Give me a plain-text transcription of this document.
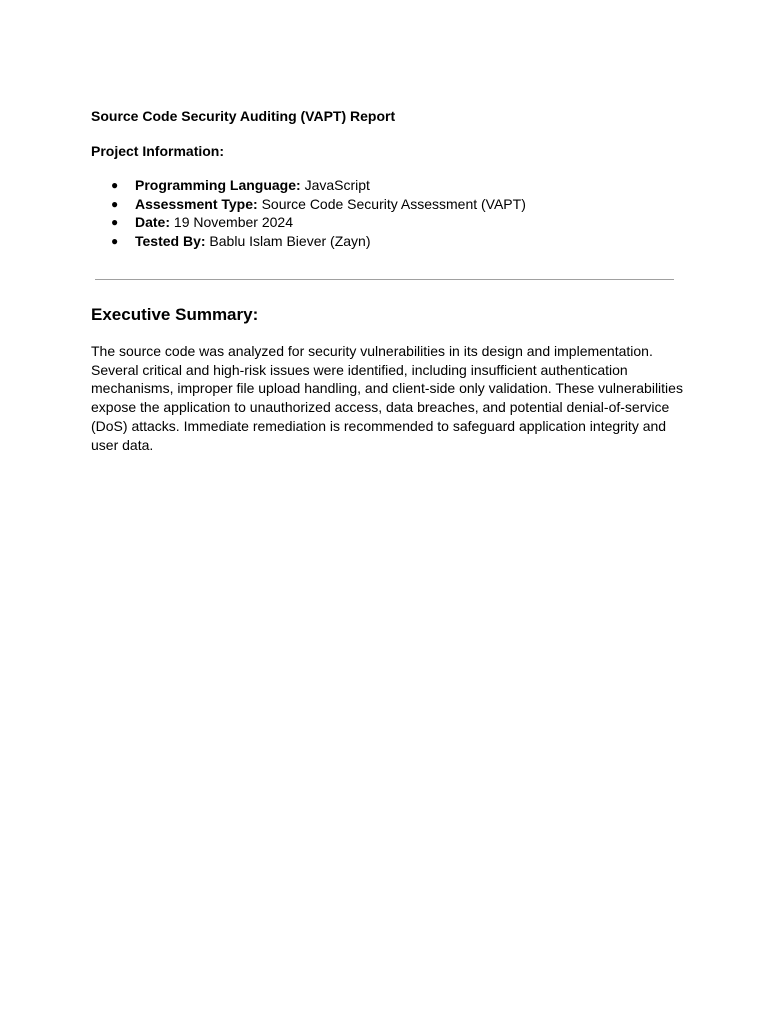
Source Code Security Auditing (VAPT) Report
Project Information:
● Programming Language: JavaScript
● Assessment Type: Source Code Security Assessment (VAPT)
● Date: 19 November 2024
● Tested By: Bablu Islam Biever (Zayn)
Executive Summary:
The source code was analyzed for security vulnerabilities in its design and implementation.
Several critical and high-risk issues were identified, including insufficient authentication
mechanisms, improper file upload handling, and client-side only validation. These vulnerabilities
expose the application to unauthorized access, data breaches, and potential denial-of-service
(DoS) attacks. Immediate remediation is recommended to safeguard application integrity and
user data.
